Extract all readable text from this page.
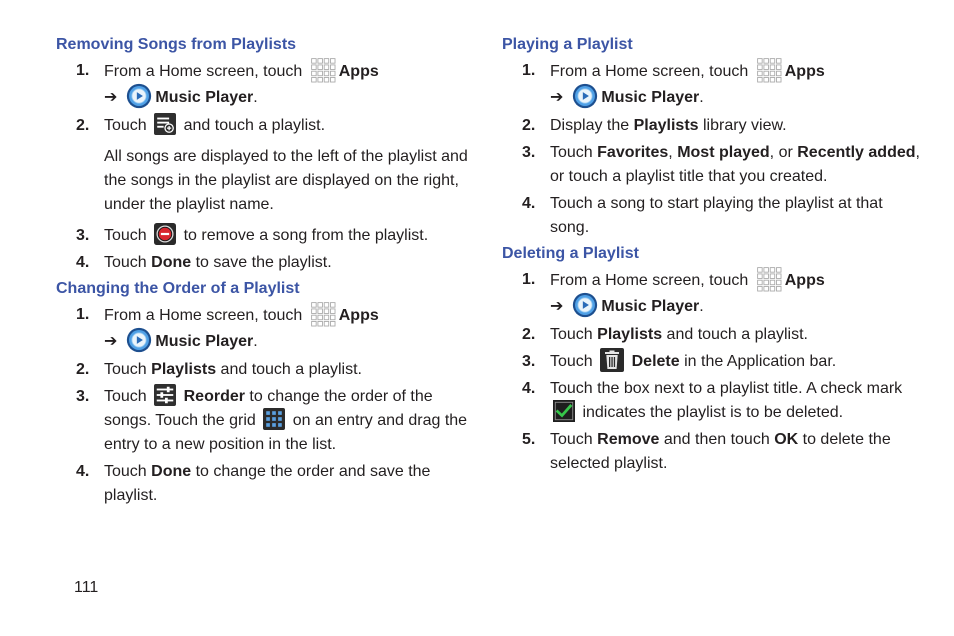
Removing Songs from Playlists
1. From a Home screen, touch Apps
➔ Music Player.
2. Touch and touch a playlist.
All songs are displayed to the left of the playlist and the songs in the playlist are displayed on the right, under the playlist name.
3. Touch to remove a song from the playlist.
4. Touch Done to save the playlist.
Changing the Order of a Playlist
1. From a Home screen, touch Apps
➔ Music Player.
2. Touch Playlists and touch a playlist.
3. Touch Reorder to change the order of the songs. Touch the grid on an entry and drag the entry to a new position in the list.
4. Touch Done to change the order and save the playlist.
Playing a Playlist
1. From a Home screen, touch Apps
➔ Music Player.
2. Display the Playlists library view.
3. Touch Favorites, Most played, or Recently added, or touch a playlist title that you created.
4. Touch a song to start playing the playlist at that song.
Deleting a Playlist
1. From a Home screen, touch Apps
➔ Music Player.
2. Touch Playlists and touch a playlist.
3. Touch Delete in the Application bar.
4. Touch the box next to a playlist title. A check mark  indicates the playlist is to be deleted.
5. Touch Remove and then touch OK to delete the selected playlist.
111
